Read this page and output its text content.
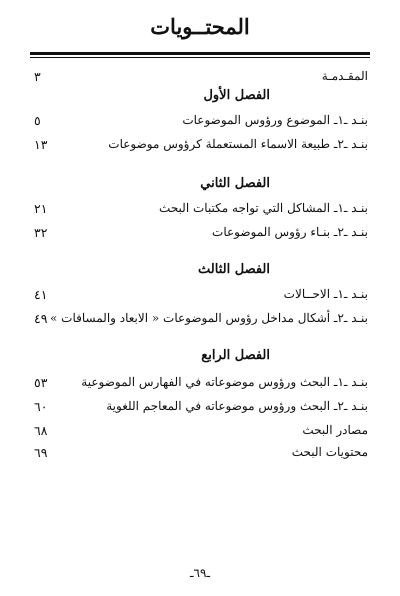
المحتــويات
المقـدمـة
٣
الفصل الأول
بنـد ـ١ـ الموضوع ورؤوس الموضوعات
٥
بنـد ـ٢ـ طبيعة الاسماء المستعملة كرؤوس موضوعات
١٣
الفصل الثاني
بنـد ـ١ـ المشاكل التي تواجه مكتبات البحث
٢١
بنـد ـ٢ـ بنـاء رؤوس الموضوعات
٣٢
الفصل الثالث
بنـد ـ١ـ الاحــالات
٤١
بنـد ـ٢ـ أشكال مداخل رؤوس الموضوعات « الابعاد والمسافات »
٤٩
الفصل الرابع
بنـد ـ١ـ البحث ورؤوس موضوعاته في الفهارس الموضوعية
٥٣
بنـد ـ٢ـ البحث ورؤوس موضوعاته في المعاجم اللغوية
٦٠
مصادر البحث
٦٨
محتويات البحث
٦٩
ـ٦٩ـ
